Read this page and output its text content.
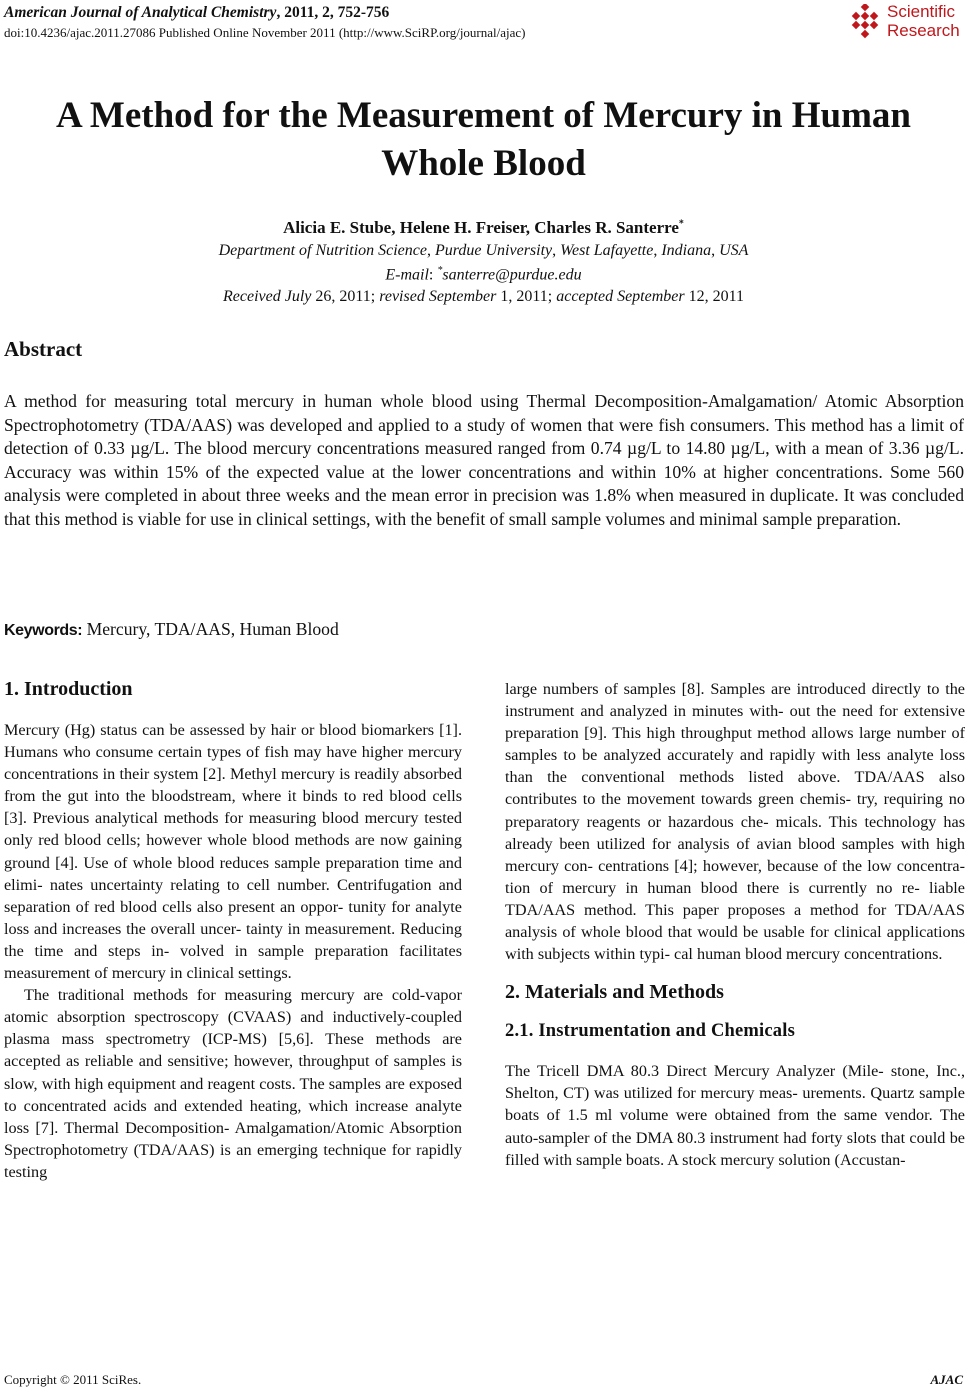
American Journal of Analytical Chemistry, 2011, 2, 752-756
doi:10.4236/ajac.2011.27086 Published Online November 2011 (http://www.SciRP.org/journal/ajac)
Scientific
Research
A Method for the Measurement of Mercury in Human
Whole Blood
Alicia E. Stube, Helene H. Freiser, Charles R. Santerre*
Department of Nutrition Science, Purdue University, West Lafayette, Indiana, USA
E-mail: *santerre@purdue.edu
Received July 26, 2011; revised September 1, 2011; accepted September 12, 2011
Abstract

A method for measuring total mercury in human whole blood using Thermal Decomposition-Amalgamation/ Atomic Absorption Spectrophotometry (TDA/AAS) was developed and applied to a study of women that were fish consumers. This method has a limit of detection of 0.33 µg/L. The blood mercury concentrations measured ranged from 0.74 µg/L to 14.80 µg/L, with a mean of 3.36 µg/L. Accuracy was within 15% of the expected value at the lower concentrations and within 10% at higher concentrations. Some 560 analysis were completed in about three weeks and the mean error in precision was 1.8% when measured in duplicate. It was concluded that this method is viable for use in clinical settings, with the benefit of small sample volumes and minimal sample preparation.

Keywords: Mercury, TDA/AAS, Human Blood
1. Introduction

Mercury (Hg) status can be assessed by hair or blood biomarkers [1]. Humans who consume certain types of fish may have higher mercury concentrations in their system [2]. Methyl mercury is readily absorbed from the gut into the bloodstream, where it binds to red blood cells [3]. Previous analytical methods for measuring blood mercury tested only red blood cells; however whole blood methods are now gaining ground [4]. Use of whole blood reduces sample preparation time and elimi- nates uncertainty relating to cell number. Centrifugation and separation of red blood cells also present an oppor- tunity for analyte loss and increases the overall uncer- tainty in measurement. Reducing the time and steps in- volved in sample preparation facilitates measurement of mercury in clinical settings.

The traditional methods for measuring mercury are cold-vapor atomic absorption spectroscopy (CVAAS) and inductively-coupled plasma mass spectrometry (ICP-MS) [5,6]. These methods are accepted as reliable and sensitive; however, throughput of samples is slow, with high equipment and reagent costs. The samples are exposed to concentrated acids and extended heating, which increase analyte loss [7]. Thermal Decomposition- Amalgamation/Atomic Absorption Spectrophotometry (TDA/AAS) is an emerging technique for rapidly testing

large numbers of samples [8]. Samples are introduced directly to the instrument and analyzed in minutes with- out the need for extensive preparation [9]. This high throughput method allows large number of samples to be analyzed accurately and rapidly with less analyte loss than the conventional methods listed above. TDA/AAS also contributes to the movement towards green chemis- try, requiring no preparatory reagents or hazardous che- micals. This technology has already been utilized for analysis of avian blood samples with high mercury con- centrations [4]; however, because of the low concentra- tion of mercury in human blood there is currently no re- liable TDA/AAS method. This paper proposes a method for TDA/AAS analysis of whole blood that would be usable for clinical applications with subjects within typi- cal human blood mercury concentrations.

2. Materials and Methods
2.1. Instrumentation and Chemicals

The Tricell DMA 80.3 Direct Mercury Analyzer (Mile- stone, Inc., Shelton, CT) was utilized for mercury meas- urements. Quartz sample boats of 1.5 ml volume were obtained from the same vendor. The auto-sampler of the DMA 80.3 instrument had forty slots that could be filled with sample boats. A stock mercury solution (Accustan-

Copyright © 2011 SciRes.	AJAC
